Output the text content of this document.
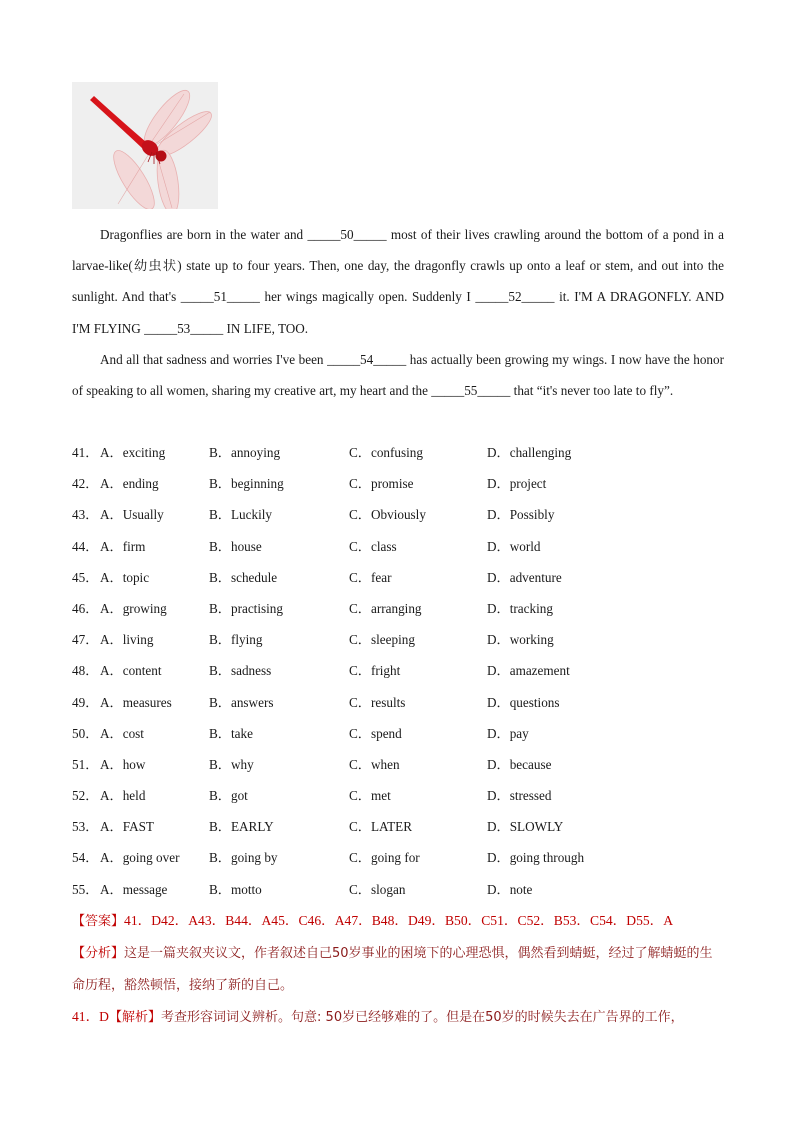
Dragonflies are born in the water and _____50_____ most of their lives crawling around the bottom of a pond in a larvae-like(幼虫状) state up to four years. Then, one day, the dragonfly crawls up onto a leaf or stem, and out into the sunlight. And that's _____51_____ her wings magically open. Suddenly I _____52_____ it. I'M A DRAGONFLY. AND I'M FLYING _____53_____ IN LIFE, TOO.

And all that sadness and worries I've been _____54_____ has actually been growing my wings. I now have the honor of speaking to all women, sharing my creative art, my heart and the _____55_____ that “it's never too late to fly”.

41． A．exciting	B．annoying	C．confusing	D．challenging
42． A．ending	B．beginning	C．promise	D．project
43． A．Usually	B．Luckily	C．Obviously	D．Possibly
44． A．firm	B．house	C．class	D．world
45． A．topic	B．schedule	C．fear	D．adventure
46． A．growing	B．practising	C．arranging	D．tracking
47． A．living	B．flying	C．sleeping	D．working
48． A．content	B．sadness	C．fright	D．amazement
49． A．measures	B．answers	C．results	D．questions
50． A．cost	B．take	C．spend	D．pay
51． A．how	B．why	C．when	D．because
52． A．held	B．got	C．met	D．stressed
53． A．FAST	B．EARLY	C．LATER	D．SLOWLY
54． A．going over B．going by	C．going for	D．going through
55． A．message	B．motto	C．slogan	D．note

【答案】41．D42．A43．B44．A45．C46．A47．B48．D49．B50．C51．C52．B53．C54．D55．A

【分析】这是一篇夹叙夹议文，作者叙述自己50岁事业的困境下的心理恐惧，偶然看到蜻蜓，经过了解蜻蜓的生命历程，豁然顿悟，接纳了新的自己。

41．D【解析】考查形容词词义辨析。句意: 50岁已经够难的了。但是在50岁的时候失去在广告界的工作，
